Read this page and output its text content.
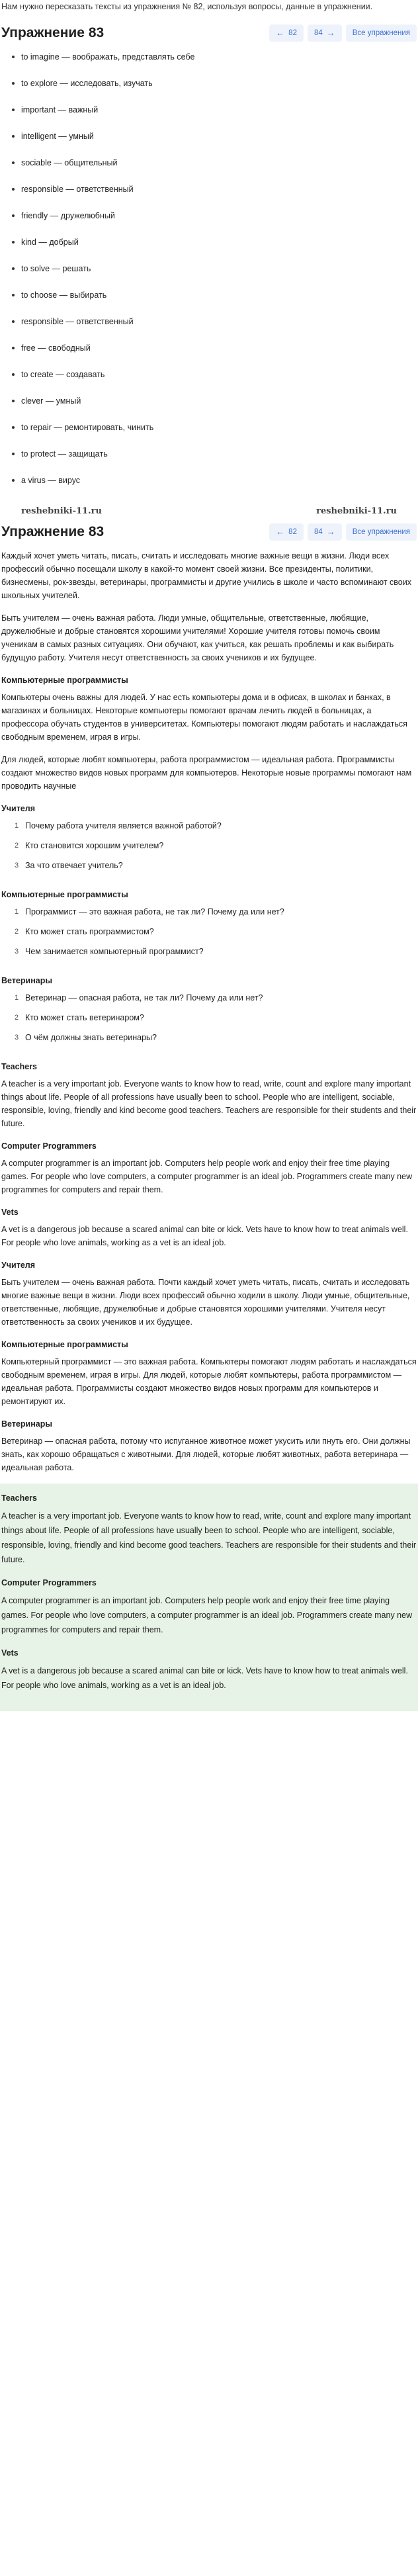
Нам нужно пересказать тексты из упражнения № 82, используя вопросы, данные в упражнении.

Упражнение 83	← 82 84 →	Все упражнения
to imagine — воображать, представлять себе
to explore — исследовать, изучать
important — важный
intelligent — умный
sociable — общительный
responsible — ответственный
friendly — дружелюбный
kind — добрый
to solve — решать
to choose — выбирать
responsible — ответственный
free — свободный
to create — создавать
clever — умный
to repair — ремонтировать, чинить
to protect — защищать
a virus — вирус
reshebniki-11.ru	reshebniki-11.ru
Упражнение 83	← 82 84 →	Все упражнения

Каждый хочет уметь читать, писать, считать и исследовать многие важные вещи в жизни. Люди всех профессий обычно посещали школу в какой-то момент своей жизни. Все президенты, политики, бизнесмены, рок-звезды, ветеринары, программисты и другие учились в школе и часто вспоминают своих школьных учителей.

Быть учителем — очень важная работа. Люди умные, общительные, ответственные, любящие, дружелюбные и добрые становятся хорошими учителями! Хорошие учителя готовы помочь своим ученикам в самых разных ситуациях. Они обучают, как учиться, как решать проблемы и как выбирать будущую работу. Учителя несут ответственность за своих учеников и их будущее.

Компьютерные программисты

Компьютеры очень важны для людей. У нас есть компьютеры дома и в офисах, в школах и банках, в магазинах и больницах. Некоторые компьютеры помогают врачам лечить людей в больницах, а профессора обучать студентов в университетах. Компьютеры помогают людям работать и наслаждаться свободным временем, играя в игры.

Для людей, которые любят компьютеры, работа программистом — идеальная работа. Программисты создают множество видов новых программ для компьютеров. Некоторые новые программы помогают нам проводить научные

Учителя
Почему работа учителя является важной работой?
Кто становится хорошим учителем?
За что отвечает учитель?
Компьютерные программисты
Программист — это важная работа, не так ли? Почему да или нет?
Кто может стать программистом?
Чем занимается компьютерный программист?
Ветеринары
Ветеринар — опасная работа, не так ли? Почему да или нет?
Кто может стать ветеринаром?
О чём должны знать ветеринары?
Teachers

A teacher is a very important job. Everyone wants to know how to read, write, count and explore many important things about life. People of all professions have usually been to school. People who are intelligent, sociable, responsible, loving, friendly and kind become good teachers. Teachers are responsible for their students and their future.

Computer Programmers

A computer programmer is an important job. Computers help people work and enjoy their free time playing games. For people who love computers, a computer programmer is an ideal job. Programmers create many new programmes for computers and repair them.

Vets

A vet is a dangerous job because a scared animal can bite or kick. Vets have to know how to treat animals well. For people who love animals, working as a vet is an ideal job.

Учителя

Быть учителем — очень важная работа. Почти каждый хочет уметь читать, писать, считать и исследовать многие важные вещи в жизни. Люди всех профессий обычно ходили в школу. Люди умные, общительные, ответственные, любящие, дружелюбные и добрые становятся хорошими учителями. Учителя несут ответственность за своих учеников и их будущее.

Компьютерные программисты

Компьютерный программист — это важная работа. Компьютеры помогают людям работать и наслаждаться свободным временем, играя в игры. Для людей, которые любят компьютеры, работа программистом — идеальная работа. Программисты создают множество видов новых программ для компьютеров и ремонтируют их.

Ветеринары

Ветеринар — опасная работа, потому что испуганное животное может укусить или пнуть его. Они должны знать, как хорошо обращаться с животными. Для людей, которые любят животных, работа ветеринара — идеальная работа.

Teachers

A teacher is a very important job. Everyone wants to know how to read, write, count and explore many important things about life. People of all professions have usually been to school. People who are intelligent, sociable, responsible, loving, friendly and kind become good teachers. Teachers are responsible for their students and their future.

Computer Programmers

A computer programmer is an important job. Computers help people work and enjoy their free time playing games. For people who love computers, a computer programmer is an ideal job. Programmers create many new programmes for computers and repair them.

Vets

A vet is a dangerous job because a scared animal can bite or kick. Vets have to know how to treat animals well. For people who love animals, working as a vet is an ideal job.
